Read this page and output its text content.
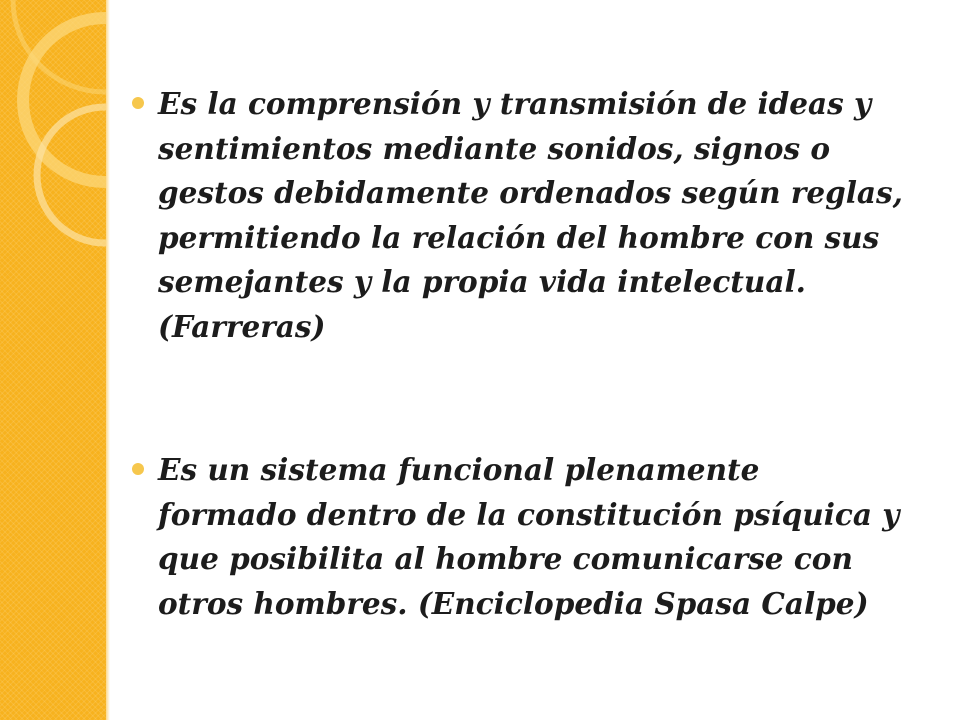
Es la comprensión y transmisión de ideas y sentimientos mediante sonidos, signos o gestos debidamente ordenados según reglas, permitiendo la relación del hombre con sus semejantes y la propia vida intelectual. (Farreras)
Es un sistema funcional plenamente formado dentro de la constitución psíquica y que posibilita al hombre comunicarse con otros hombres. (Enciclopedia Spasa Calpe)
